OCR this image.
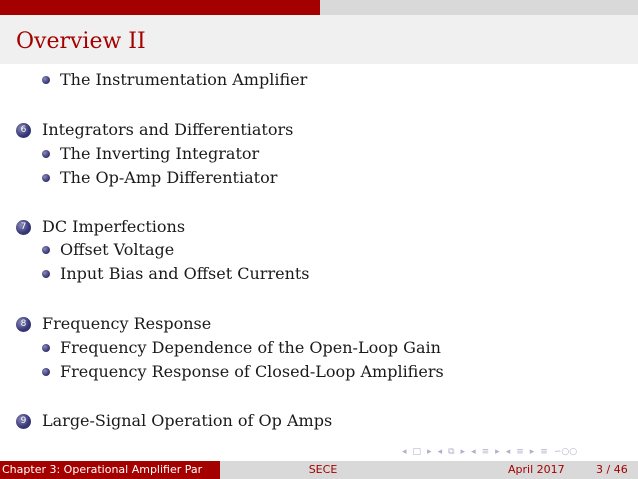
Overview II
The Instrumentation Amplifier
6 Integrators and Differentiators
The Inverting Integrator
The Op-Amp Differentiator
7 DC Imperfections
Offset Voltage
Input Bias and Offset Currents
8 Frequency Response
Frequency Dependence of the Open-Loop Gain
Frequency Response of Closed-Loop Amplifiers
9 Large-Signal Operation of Op Amps
◂ □ ▸ ◂ ⧉ ▸ ◂ ≡ ▸ ◂ ≡ ▸ ≡ ∽○○
Chapter 3: Operational Amplifier Par	SECE	April 2017	3 / 46
